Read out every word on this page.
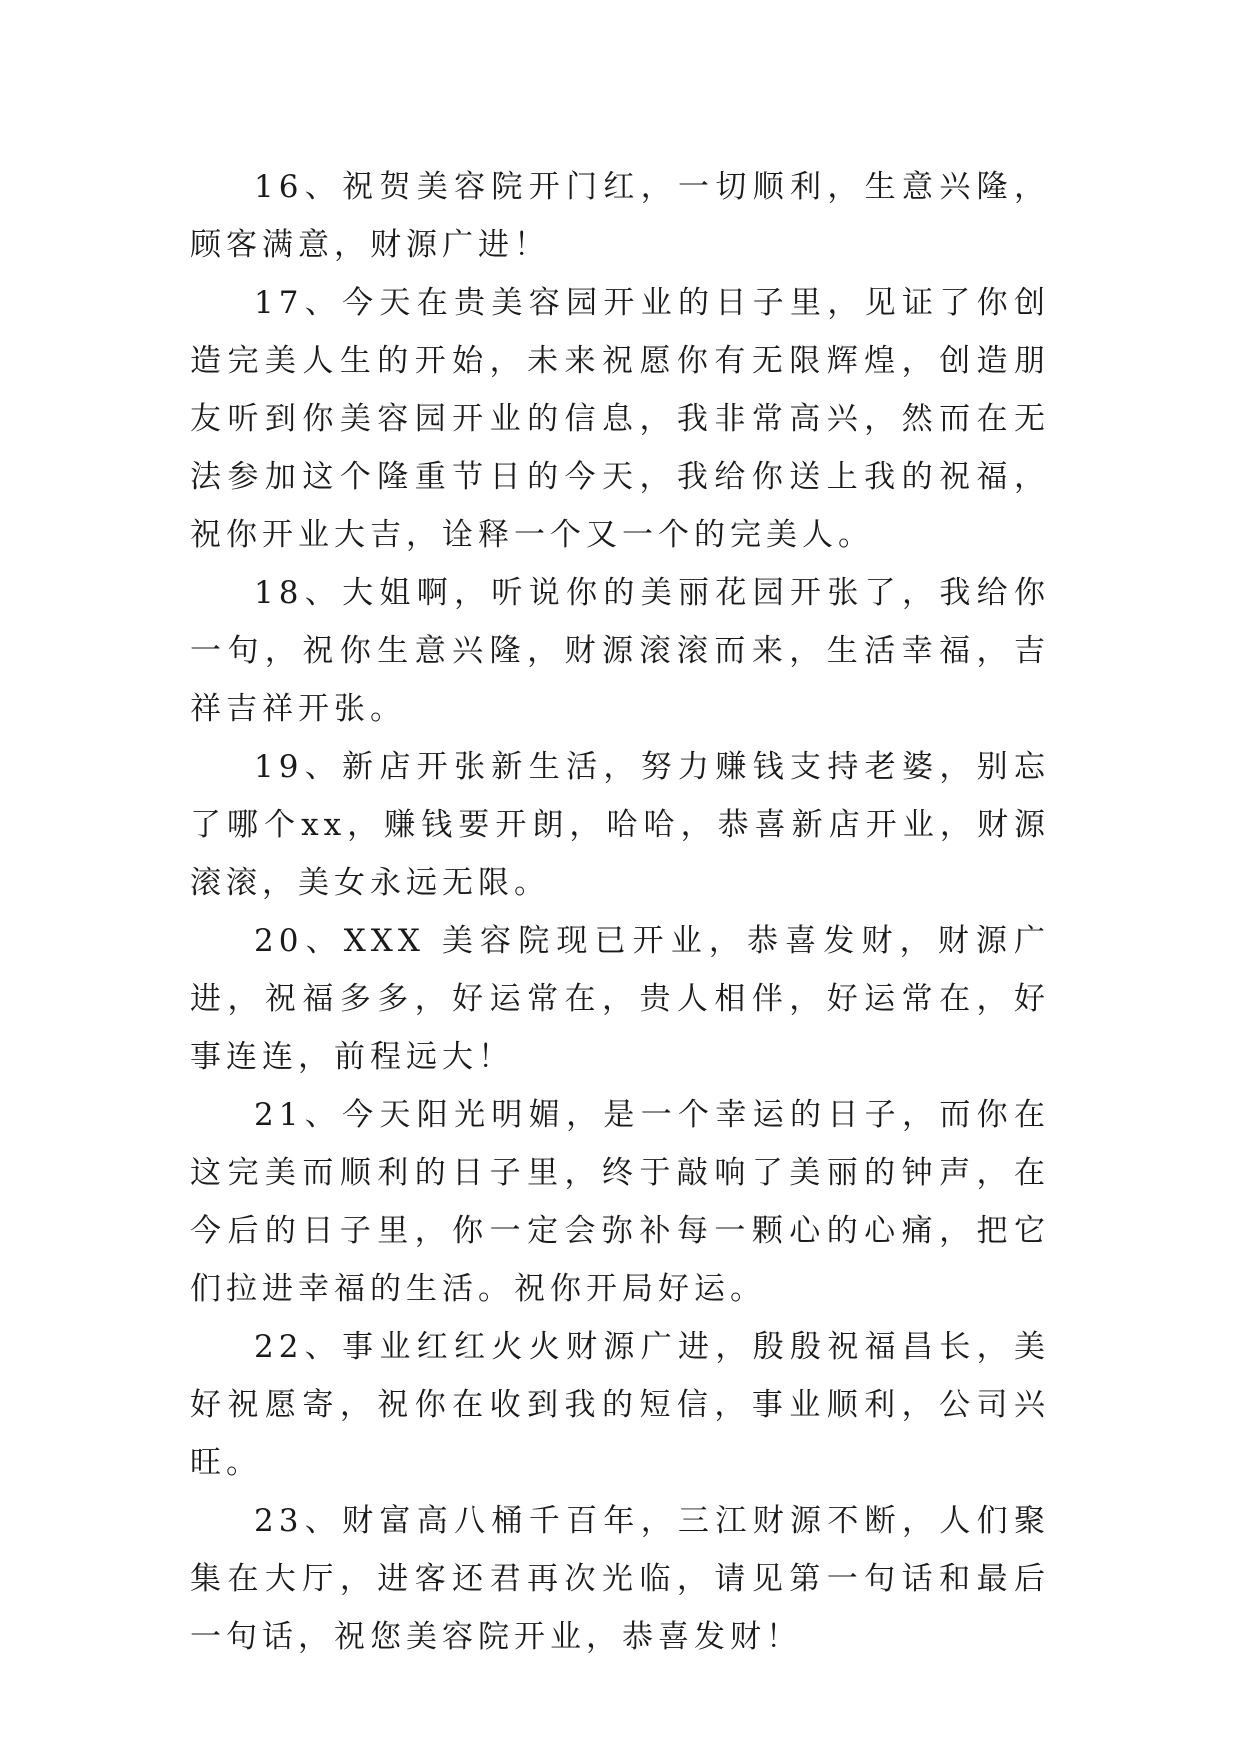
16、祝贺美容院开门红，一切顺利，生意兴隆，顾客满意，财源广进！

17、今天在贵美容园开业的日子里，见证了你创造完美人生的开始，未来祝愿你有无限辉煌，创造朋友听到你美容园开业的信息，我非常高兴，然而在无法参加这个隆重节日的今天，我给你送上我的祝福，祝你开业大吉，诠释一个又一个的完美人。

18、大姐啊，听说你的美丽花园开张了，我给你一句，祝你生意兴隆，财源滚滚而来，生活幸福，吉祥吉祥开张。

19、新店开张新生活，努力赚钱支持老婆，别忘了哪个xx，赚钱要开朗，哈哈，恭喜新店开业，财源滚滚，美女永远无限。

20、XXX 美容院现已开业，恭喜发财，财源广进，祝福多多，好运常在，贵人相伴，好运常在，好事连连，前程远大！

21、今天阳光明媚，是一个幸运的日子，而你在这完美而顺利的日子里，终于敲响了美丽的钟声，在今后的日子里，你一定会弥补每一颗心的心痛，把它们拉进幸福的生活。祝你开局好运。

22、事业红红火火财源广进，殷殷祝福昌长，美好祝愿寄，祝你在收到我的短信，事业顺利，公司兴旺。

23、财富高八桶千百年，三江财源不断，人们聚集在大厅，进客还君再次光临，请见第一句话和最后一句话，祝您美容院开业，恭喜发财！
